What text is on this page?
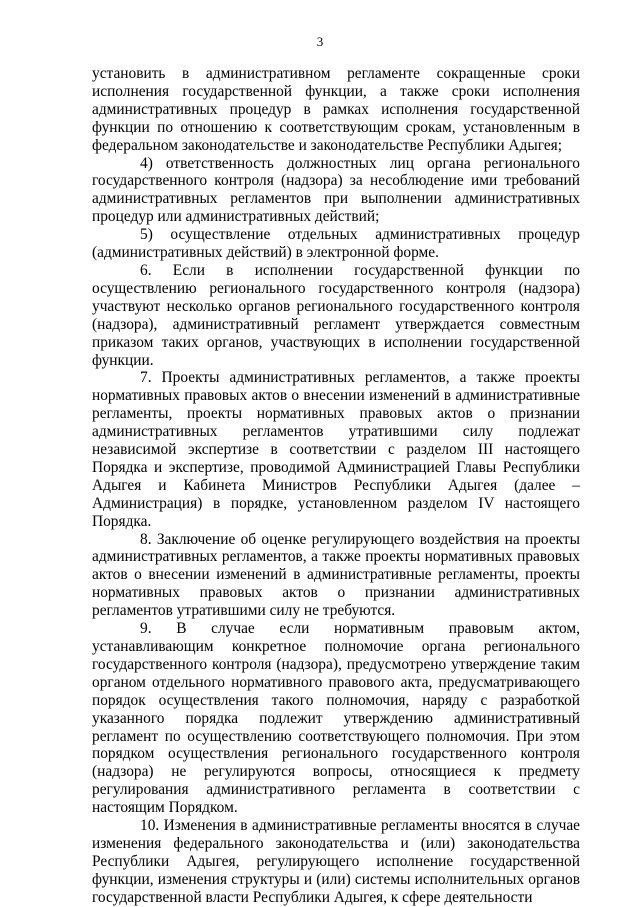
3

установить в административном регламенте сокращенные сроки исполнения государственной функции, а также сроки исполнения административных процедур в рамках исполнения государственной функции по отношению к соответствующим срокам, установленным в федеральном законодательстве и законодательстве Республики Адыгея;

4) ответственность должностных лиц органа регионального государственного контроля (надзора) за несоблюдение ими требований административных регламентов при выполнении административных процедур или административных действий;

5) осуществление отдельных административных процедур (административных действий) в электронной форме.

6. Если в исполнении государственной функции по осуществлению регионального государственного контроля (надзора) участвуют несколько органов регионального государственного контроля (надзора), административный регламент утверждается совместным приказом таких органов, участвующих в исполнении государственной функции.

7. Проекты административных регламентов, а также проекты нормативных правовых актов о внесении изменений в административные регламенты, проекты нормативных правовых актов о признании административных регламентов утратившими силу подлежат независимой экспертизе в соответствии с разделом III настоящего Порядка и экспертизе, проводимой Администрацией Главы Республики Адыгея и Кабинета Министров Республики Адыгея (далее – Администрация) в порядке, установленном разделом IV настоящего Порядка.

8. Заключение об оценке регулирующего воздействия на проекты административных регламентов, а также проекты нормативных правовых актов о внесении изменений в административные регламенты, проекты нормативных правовых актов о признании административных регламентов утратившими силу не требуются.

9. В случае если нормативным правовым актом, устанавливающим конкретное полномочие органа регионального государственного контроля (надзора), предусмотрено утверждение таким органом отдельного нормативного правового акта, предусматривающего порядок осуществления такого полномочия, наряду с разработкой указанного порядка подлежит утверждению административный регламент по осуществлению соответствующего полномочия. При этом порядком осуществления регионального государственного контроля (надзора) не регулируются вопросы, относящиеся к предмету регулирования административного регламента в соответствии с настоящим Порядком.

10. Изменения в административные регламенты вносятся в случае изменения федерального законодательства и (или) законодательства Республики Адыгея, регулирующего исполнение государственной функции, изменения структуры и (или) системы исполнительных органов государственной власти Республики Адыгея, к сфере деятельности
